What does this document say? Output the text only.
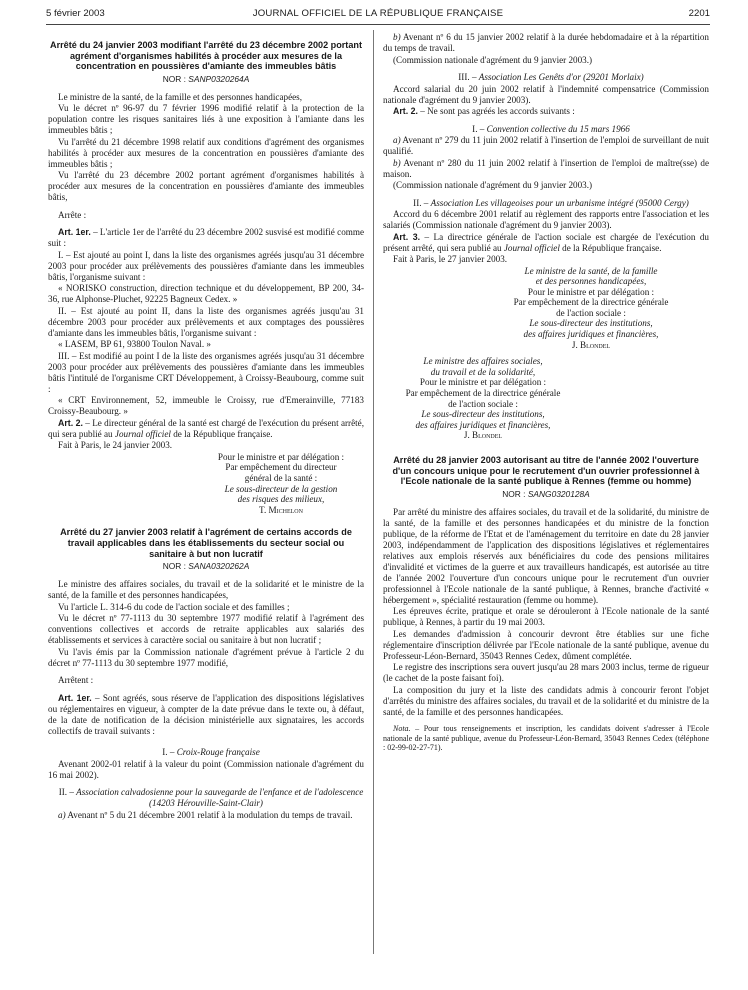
5 février 2003	JOURNAL OFFICIEL DE LA RÉPUBLIQUE FRANÇAISE	2201
Arrêté du 24 janvier 2003 modifiant l'arrêté du 23 décembre 2002 portant agrément d'organismes habilités à procéder aux mesures de la concentration en poussières d'amiante des immeubles bâtis
NOR : SANP0320264A

Le ministre de la santé, de la famille et des personnes handicapées,

Vu le décret nº 96-97 du 7 février 1996 modifié relatif à la protection de la population contre les risques sanitaires liés à une exposition à l'amiante dans les immeubles bâtis ;

Vu l'arrêté du 21 décembre 1998 relatif aux conditions d'agrément des organismes habilités à procéder aux mesures de la concentration en poussières d'amiante des immeubles bâtis ;

Vu l'arrêté du 23 décembre 2002 portant agrément d'organismes habilités à procéder aux mesures de la concentration en poussières d'amiante des immeubles bâtis,

Arrête :

Art. 1er. – L'article 1er de l'arrêté du 23 décembre 2002 susvisé est modifié comme suit :

I. – Est ajouté au point I, dans la liste des organismes agréés jusqu'au 31 décembre 2003 pour procéder aux prélèvements des poussières d'amiante dans les immeubles bâtis, l'organisme suivant :

« NORISKO construction, direction technique et du développement, BP 200, 34-36, rue Alphonse-Pluchet, 92225 Bagneux Cedex. »

II. – Est ajouté au point II, dans la liste des organismes agréés jusqu'au 31 décembre 2003 pour procéder aux prélèvements et aux comptages des poussières d'amiante dans les immeubles bâtis, l'organisme suivant :

« LASEM, BP 61, 93800 Toulon Naval. »

III. – Est modifié au point I de la liste des organismes agréés jusqu'au 31 décembre 2003 pour procéder aux prélèvements des poussières d'amiante dans les immeubles bâtis l'intitulé de l'organisme CRT Développement, à Croissy-Beaubourg, comme suit :

« CRT Environnement, 52, immeuble le Croissy, rue d'Emerainville, 77183 Croissy-Beaubourg. »

Art. 2. – Le directeur général de la santé est chargé de l'exécution du présent arrêté, qui sera publié au Journal officiel de la République française.

Fait à Paris, le 24 janvier 2003.

Pour le ministre et par délégation :

Par empêchement du directeur

général de la santé :

Le sous-directeur de la gestion

des risques des milieux,

T. Michelon

Arrêté du 27 janvier 2003 relatif à l'agrément de certains accords de travail applicables dans les établissements du secteur social ou sanitaire à but non lucratif
NOR : SANA0320262A

Le ministre des affaires sociales, du travail et de la solidarité et le ministre de la santé, de la famille et des personnes handicapées,

Vu l'article L. 314-6 du code de l'action sociale et des familles ;

Vu le décret nº 77-1113 du 30 septembre 1977 modifié relatif à l'agrément des conventions collectives et accords de retraite applicables aux salariés des établissements et services à caractère social ou sanitaire à but non lucratif ;

Vu l'avis émis par la Commission nationale d'agrément prévue à l'article 2 du décret nº 77-1113 du 30 septembre 1977 modifié,

Arrêtent :

Art. 1er. – Sont agréés, sous réserve de l'application des dispositions législatives ou réglementaires en vigueur, à compter de la date prévue dans le texte ou, à défaut, de la date de notification de la décision ministérielle aux signataires, les accords collectifs de travail suivants :

I. – Croix-Rouge française

Avenant 2002-01 relatif à la valeur du point (Commission nationale d'agrément du 16 mai 2002).

II. – Association calvadosienne pour la sauvegarde de l'enfance et de l'adolescence (14203 Hérouville-Saint-Clair)

a) Avenant nº 5 du 21 décembre 2001 relatif à la modulation du temps de travail.

b) Avenant nº 6 du 15 janvier 2002 relatif à la durée hebdomadaire et à la répartition du temps de travail.

(Commission nationale d'agrément du 9 janvier 2003.)

III. – Association Les Genêts d'or (29201 Morlaix)

Accord salarial du 20 juin 2002 relatif à l'indemnité compensatrice (Commission nationale d'agrément du 9 janvier 2003).

Art. 2. – Ne sont pas agréés les accords suivants :

I. – Convention collective du 15 mars 1966

a) Avenant nº 279 du 11 juin 2002 relatif à l'insertion de l'emploi de surveillant de nuit qualifié.

b) Avenant nº 280 du 11 juin 2002 relatif à l'insertion de l'emploi de maître(sse) de maison.

(Commission nationale d'agrément du 9 janvier 2003.)

II. – Association Les villageoises pour un urbanisme intégré (95000 Cergy)

Accord du 6 décembre 2001 relatif au règlement des rapports entre l'association et les salariés (Commission nationale d'agrément du 9 janvier 2003).

Art. 3. – La directrice générale de l'action sociale est chargée de l'exécution du présent arrêté, qui sera publié au Journal officiel de la République française.

Fait à Paris, le 27 janvier 2003.

Le ministre de la santé, de la famille

et des personnes handicapées,

Pour le ministre et par délégation :

Par empêchement de la directrice générale

de l'action sociale :

Le sous-directeur des institutions,

des affaires juridiques et financières,

J. Blondel

Le ministre des affaires sociales,

du travail et de la solidarité,

Pour le ministre et par délégation :

Par empêchement de la directrice générale

de l'action sociale :

Le sous-directeur des institutions,

des affaires juridiques et financières,

J. Blondel

Arrêté du 28 janvier 2003 autorisant au titre de l'année 2002 l'ouverture d'un concours unique pour le recrutement d'un ouvrier professionnel à l'Ecole nationale de la santé publique à Rennes (femme ou homme)
NOR : SANG0320128A

Par arrêté du ministre des affaires sociales, du travail et de la solidarité, du ministre de la santé, de la famille et des personnes handicapées et du ministre de la fonction publique, de la réforme de l'Etat et de l'aménagement du territoire en date du 28 janvier 2003, indépendamment de l'application des dispositions législatives et réglementaires relatives aux emplois réservés aux bénéficiaires du code des pensions militaires d'invalidité et victimes de la guerre et aux travailleurs handicapés, est autorisée au titre de l'année 2002 l'ouverture d'un concours unique pour le recrutement d'un ouvrier professionnel à l'Ecole nationale de la santé publique, à Rennes, branche d'activité « hébergement », spécialité restauration (femme ou homme).

Les épreuves écrite, pratique et orale se dérouleront à l'Ecole nationale de la santé publique, à Rennes, à partir du 19 mai 2003.

Les demandes d'admission à concourir devront être établies sur une fiche réglementaire d'inscription délivrée par l'Ecole nationale de la santé publique, avenue du Professeur-Léon-Bernard, 35043 Rennes Cedex, dûment complétée.

Le registre des inscriptions sera ouvert jusqu'au 28 mars 2003 inclus, terme de rigueur (le cachet de la poste faisant foi).

La composition du jury et la liste des candidats admis à concourir feront l'objet d'arrêtés du ministre des affaires sociales, du travail et de la solidarité et du ministre de la santé, de la famille et des personnes handicapées.

Nota. – Pour tous renseignements et inscription, les candidats doivent s'adresser à l'Ecole nationale de la santé publique, avenue du Professeur-Léon-Bernard, 35043 Rennes Cedex (téléphone : 02-99-02-27-71).
